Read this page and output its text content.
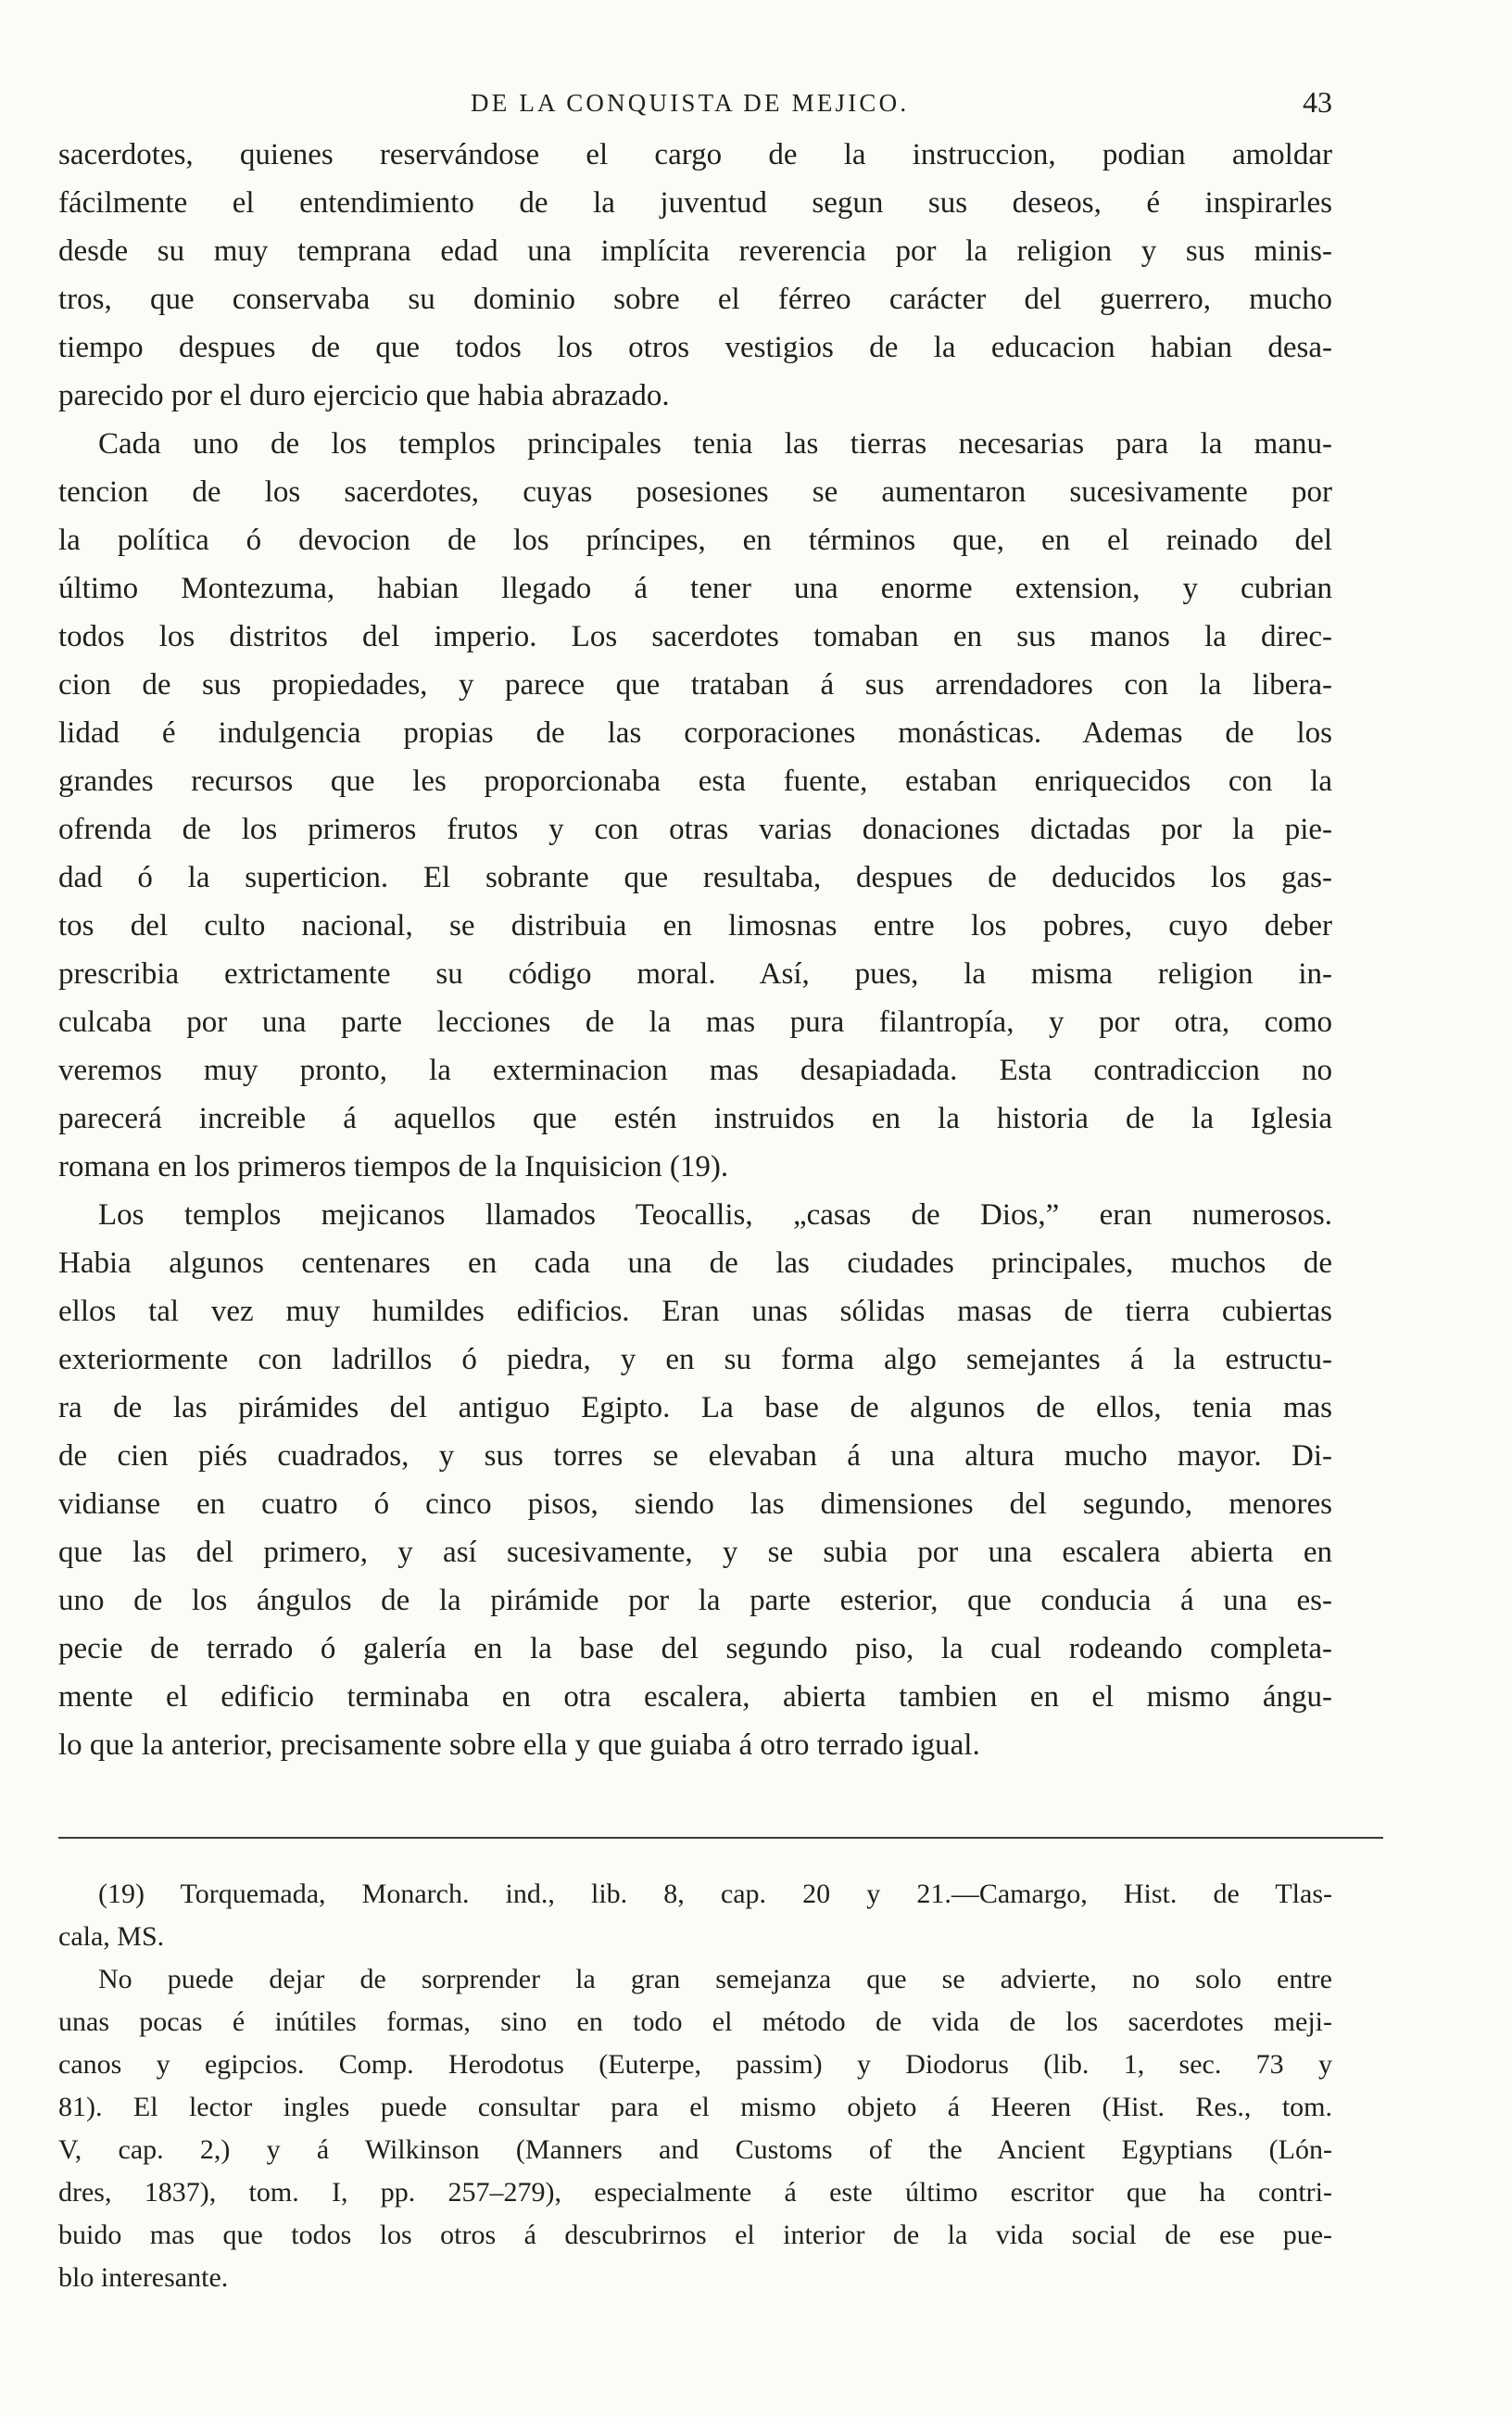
DE LA CONQUISTA DE MEJICO.	43
sacerdotes, quienes reservándose el cargo de la instruccion, podian amoldar
fácilmente el entendimiento de la juventud segun sus deseos, é inspirarles
desde su muy temprana edad una implícita reverencia por la religion y sus minis-
tros, que conservaba su dominio sobre el férreo carácter del guerrero, mucho
tiempo despues de que todos los otros vestigios de la educacion habian desa-
parecido por el duro ejercicio que habia abrazado.
Cada uno de los templos principales tenia las tierras necesarias para la manu-
tencion de los sacerdotes, cuyas posesiones se aumentaron sucesivamente por
la política ó devocion de los príncipes, en términos que, en el reinado del
último Montezuma, habian llegado á tener una enorme extension, y cubrian
todos los distritos del imperio. Los sacerdotes tomaban en sus manos la direc-
cion de sus propiedades, y parece que trataban á sus arrendadores con la libera-
lidad é indulgencia propias de las corporaciones monásticas. Ademas de los
grandes recursos que les proporcionaba esta fuente, estaban enriquecidos con la
ofrenda de los primeros frutos y con otras varias donaciones dictadas por la pie-
dad ó la superticion. El sobrante que resultaba, despues de deducidos los gas-
tos del culto nacional, se distribuia en limosnas entre los pobres, cuyo deber
prescribia extrictamente su código moral. Así, pues, la misma religion in-
culcaba por una parte lecciones de la mas pura filantropía, y por otra, como
veremos muy pronto, la exterminacion mas desapiadada. Esta contradiccion no
parecerá increible á aquellos que estén instruidos en la historia de la Iglesia
romana en los primeros tiempos de la Inquisicion (19).
Los templos mejicanos llamados Teocallis, „casas de Dios,” eran numerosos.
Habia algunos centenares en cada una de las ciudades principales, muchos de
ellos tal vez muy humildes edificios. Eran unas sólidas masas de tierra cubiertas
exteriormente con ladrillos ó piedra, y en su forma algo semejantes á la estructu-
ra de las pirámides del antiguo Egipto. La base de algunos de ellos, tenia mas
de cien piés cuadrados, y sus torres se elevaban á una altura mucho mayor. Di-
vidianse en cuatro ó cinco pisos, siendo las dimensiones del segundo, menores
que las del primero, y así sucesivamente, y se subia por una escalera abierta en
uno de los ángulos de la pirámide por la parte esterior, que conducia á una es-
pecie de terrado ó galería en la base del segundo piso, la cual rodeando completa-
mente el edificio terminaba en otra escalera, abierta tambien en el mismo ángu-
lo que la anterior, precisamente sobre ella y que guiaba á otro terrado igual.
(19) Torquemada, Monarch. ind., lib. 8, cap. 20 y 21.—Camargo, Hist. de Tlas-
cala, MS.
No puede dejar de sorprender la gran semejanza que se advierte, no solo entre
unas pocas é inútiles formas, sino en todo el método de vida de los sacerdotes meji-
canos y egipcios. Comp. Herodotus (Euterpe, passim) y Diodorus (lib. 1, sec. 73 y
81). El lector ingles puede consultar para el mismo objeto á Heeren (Hist. Res., tom.
V, cap. 2,) y á Wilkinson (Manners and Customs of the Ancient Egyptians (Lón-
dres, 1837), tom. I, pp. 257–279), especialmente á este último escritor que ha contri-
buido mas que todos los otros á descubrirnos el interior de la vida social de ese pue-
blo interesante.
